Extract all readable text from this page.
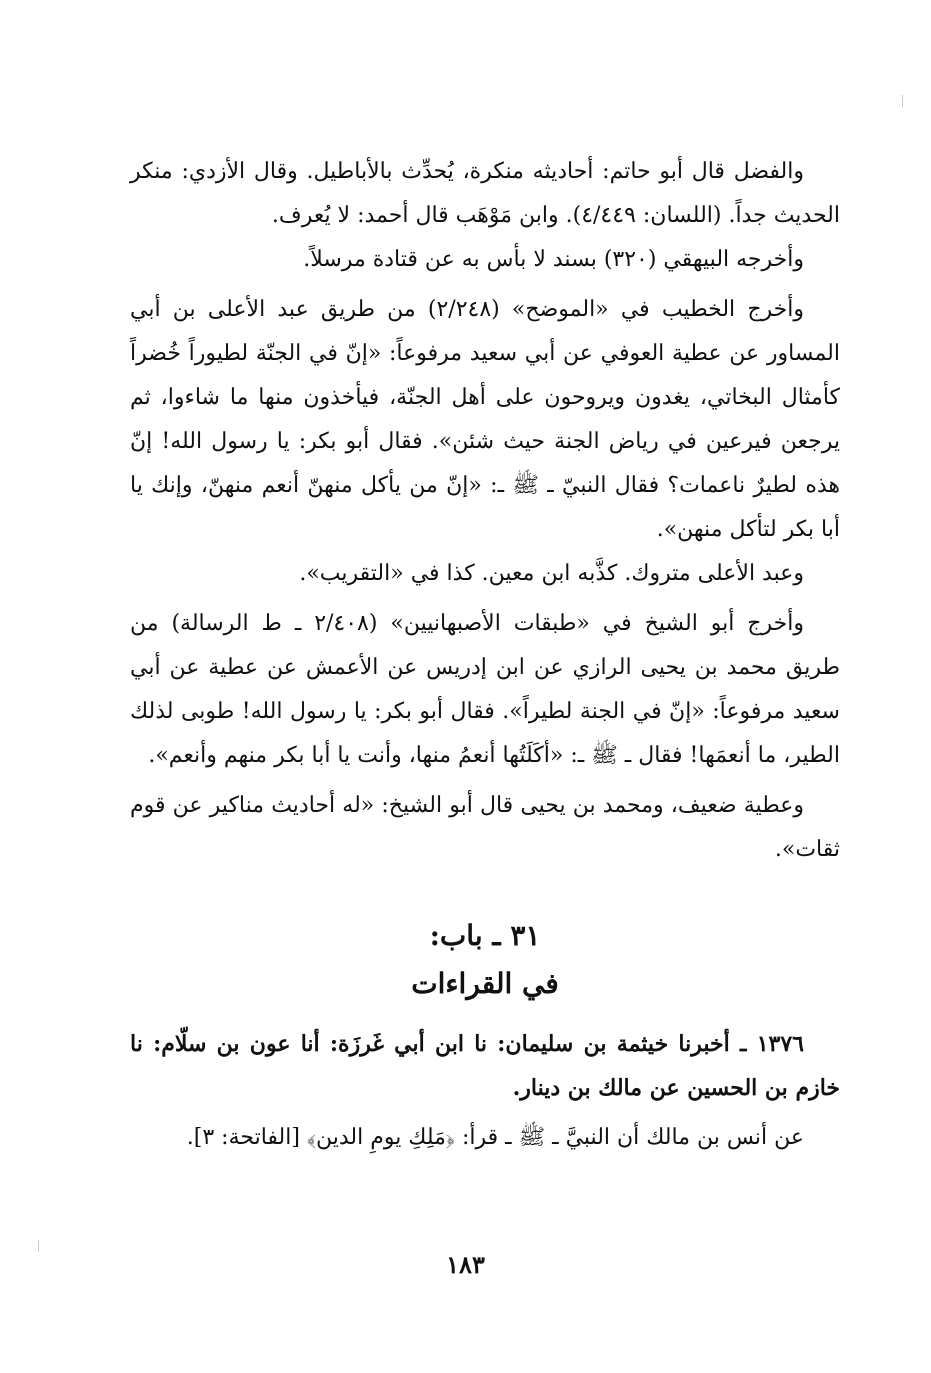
والفضل قال أبو حاتم: أحاديثه منكرة، يُحدِّث بالأباطيل. وقال الأزدي: منكر الحديث جداً. (اللسان: ٤/٤٤٩). وابن مَوْهَب قال أحمد: لا يُعرف.

وأخرجه البيهقي (٣٢٠) بسند لا بأس به عن قتادة مرسلاً.

وأخرج الخطيب في «الموضح» (٢/٢٤٨) من طريق عبد الأعلى بن أبي المساور عن عطية العوفي عن أبي سعيد مرفوعاً: «إنّ في الجنّة لطيوراً خُضراً كأمثال البخاتي، يغدون ويروحون على أهل الجنّة، فيأخذون منها ما شاءوا، ثم يرجعن فيرعين في رياض الجنة حيث شئن». فقال أبو بكر: يا رسول الله! إنّ هذه لطيرٌ ناعمات؟ فقال النبيّ ـ ﷺ ـ: «إنّ من يأكل منهنّ أنعم منهنّ، وإنك يا أبا بكر لتأكل منهن».

وعبد الأعلى متروك. كذَّبه ابن معين. كذا في «التقريب».

وأخرج أبو الشيخ في «طبقات الأصبهانيين» (٢/٤٠٨ ـ ط الرسالة) من طريق محمد بن يحيى الرازي عن ابن إدريس عن الأعمش عن عطية عن أبي سعيد مرفوعاً: «إنّ في الجنة لطيراً». فقال أبو بكر: يا رسول الله! طوبى لذلك الطير، ما أنعمَها! فقال ـ ﷺ ـ: «أكَلَتُها أنعمُ منها، وأنت يا أبا بكر منهم وأنعم».

وعطية ضعيف، ومحمد بن يحيى قال أبو الشيخ: «له أحاديث مناكير عن قوم ثقات».

٣١ ـ باب:
في القراءات

١٣٧٦ ـ أخبرنا خيثمة بن سليمان: نا ابن أبي غَرزَة: أنا عون بن سلّام: نا خازم بن الحسين عن مالك بن دينار.

عن أنس بن مالك أن النبيَّ ـ ﷺ ـ قرأ: ﴿مَلِكِ يومِ الدين﴾ [الفاتحة: ٣].

١٨٣
